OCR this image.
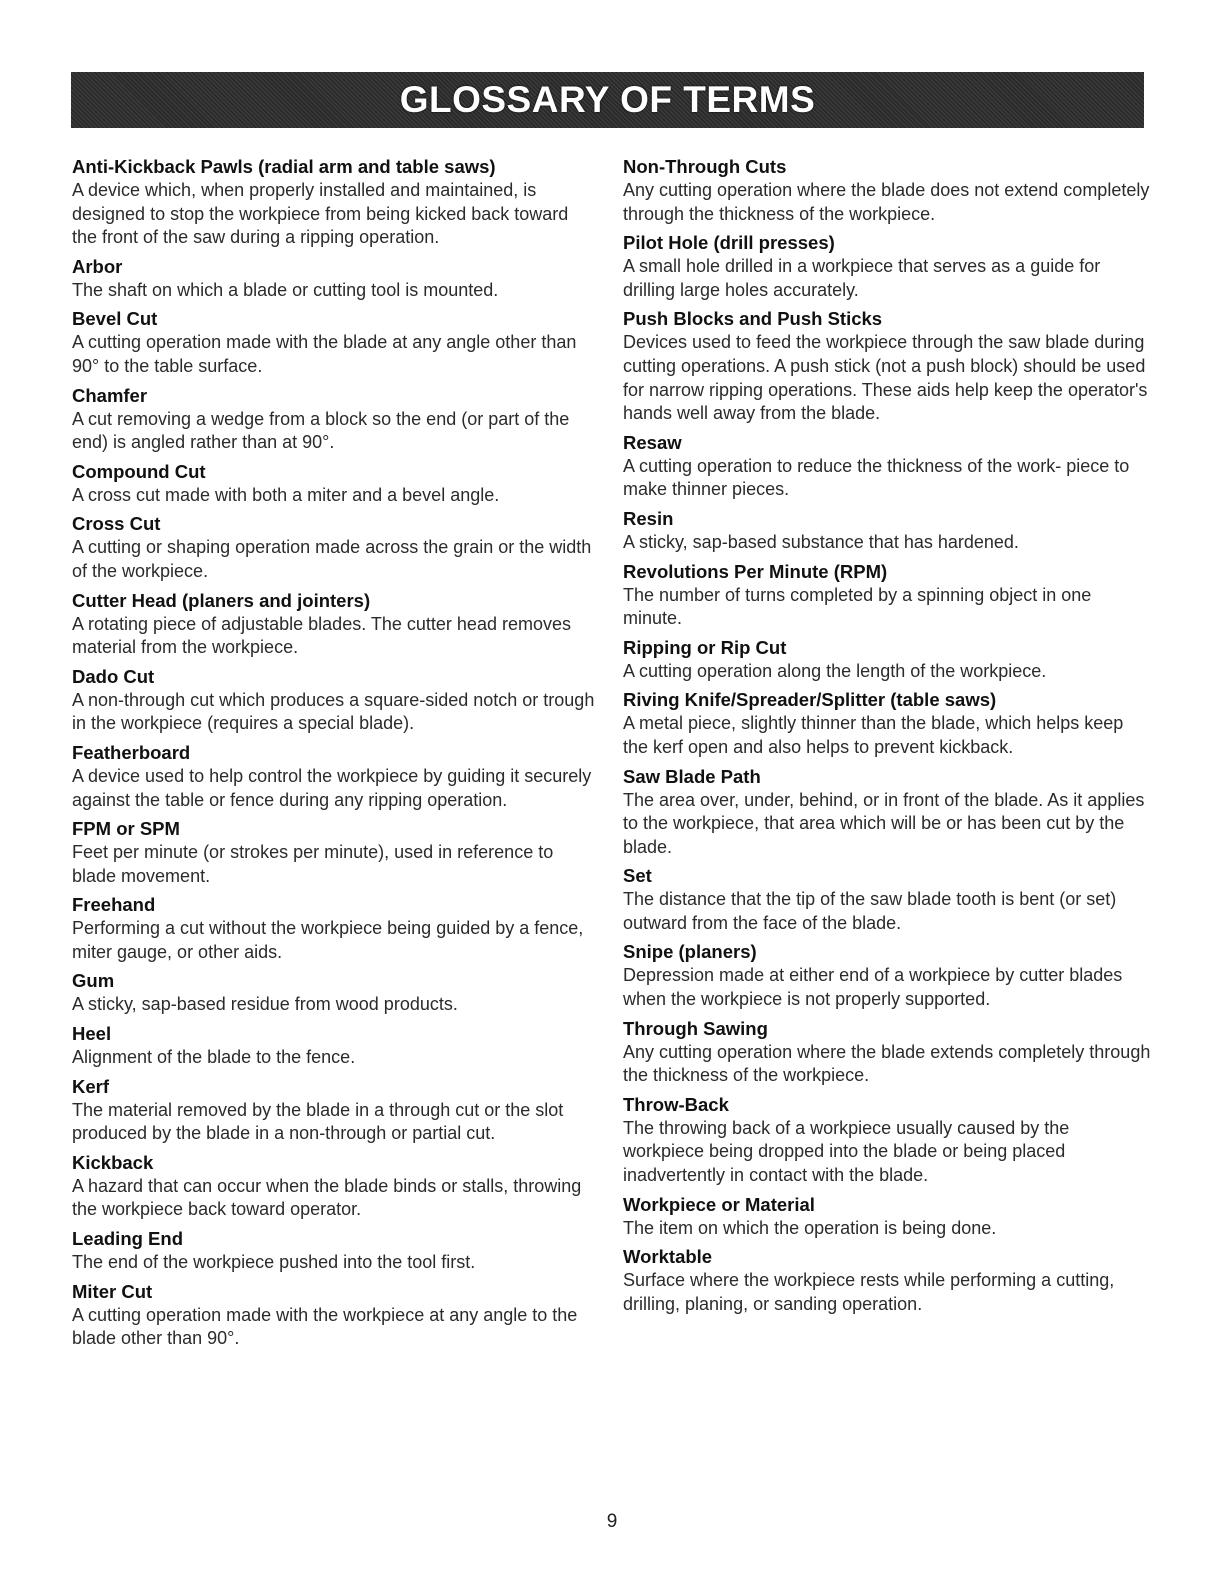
GLOSSARY OF TERMS
Anti-Kickback Pawls (radial arm and table saws)
A device which, when properly installed and maintained, is designed to stop the workpiece from being kicked back toward the front of the saw during a ripping operation.
Arbor
The shaft on which a blade or cutting tool is mounted.
Bevel Cut
A cutting operation made with the blade at any angle other than 90° to the table surface.
Chamfer
A cut removing a wedge from a block so the end (or part of the end) is angled rather than at 90°.
Compound Cut
A cross cut made with both a miter and a bevel angle.
Cross Cut
A cutting or shaping operation made across the grain or the width of the workpiece.
Cutter Head (planers and jointers)
A rotating piece of adjustable blades. The cutter head removes material from the workpiece.
Dado Cut
A non-through cut which produces a square-sided notch or trough in the workpiece (requires a special blade).
Featherboard
A device used to help control the workpiece by guiding it securely against the table or fence during any ripping operation.
FPM or SPM
Feet per minute (or strokes per minute), used in reference to blade movement.
Freehand
Performing a cut without the workpiece being guided by a fence, miter gauge, or other aids.
Gum
A sticky, sap-based residue from wood products.
Heel
Alignment of the blade to the fence.
Kerf
The material removed by the blade in a through cut or the slot produced by the blade in a non-through or partial cut.
Kickback
A hazard that can occur when the blade binds or stalls, throwing the workpiece back toward operator.
Leading End
The end of the workpiece pushed into the tool first.
Miter Cut
A cutting operation made with the workpiece at any angle to the blade other than 90°.
Non-Through Cuts
Any cutting operation where the blade does not extend completely through the thickness of the workpiece.
Pilot Hole (drill presses)
A small hole drilled in a workpiece that serves as a guide for drilling large holes accurately.
Push Blocks and Push Sticks
Devices used to feed the workpiece through the saw blade during cutting operations. A push stick (not a push block) should be used for narrow ripping operations. These aids help keep the operator's hands well away from the blade.
Resaw
A cutting operation to reduce the thickness of the work- piece to make thinner pieces.
Resin
A sticky, sap-based substance that has hardened.
Revolutions Per Minute (RPM)
The number of turns completed by a spinning object in one minute.
Ripping or Rip Cut
A cutting operation along the length of the workpiece.
Riving Knife/Spreader/Splitter (table saws)
A metal piece, slightly thinner than the blade, which helps keep the kerf open and also helps to prevent kickback.
Saw Blade Path
The area over, under, behind, or in front of the blade. As it applies to the workpiece, that area which will be or has been cut by the blade.
Set
The distance that the tip of the saw blade tooth is bent (or set) outward from the face of the blade.
Snipe (planers)
Depression made at either end of a workpiece by cutter blades when the workpiece is not properly supported.
Through Sawing
Any cutting operation where the blade extends completely through the thickness of the workpiece.
Throw-Back
The throwing back of a workpiece usually caused by the workpiece being dropped into the blade or being placed inadvertently in contact with the blade.
Workpiece or Material
The item on which the operation is being done.
Worktable
Surface where the workpiece rests while performing a cutting, drilling, planing, or sanding operation.
9
